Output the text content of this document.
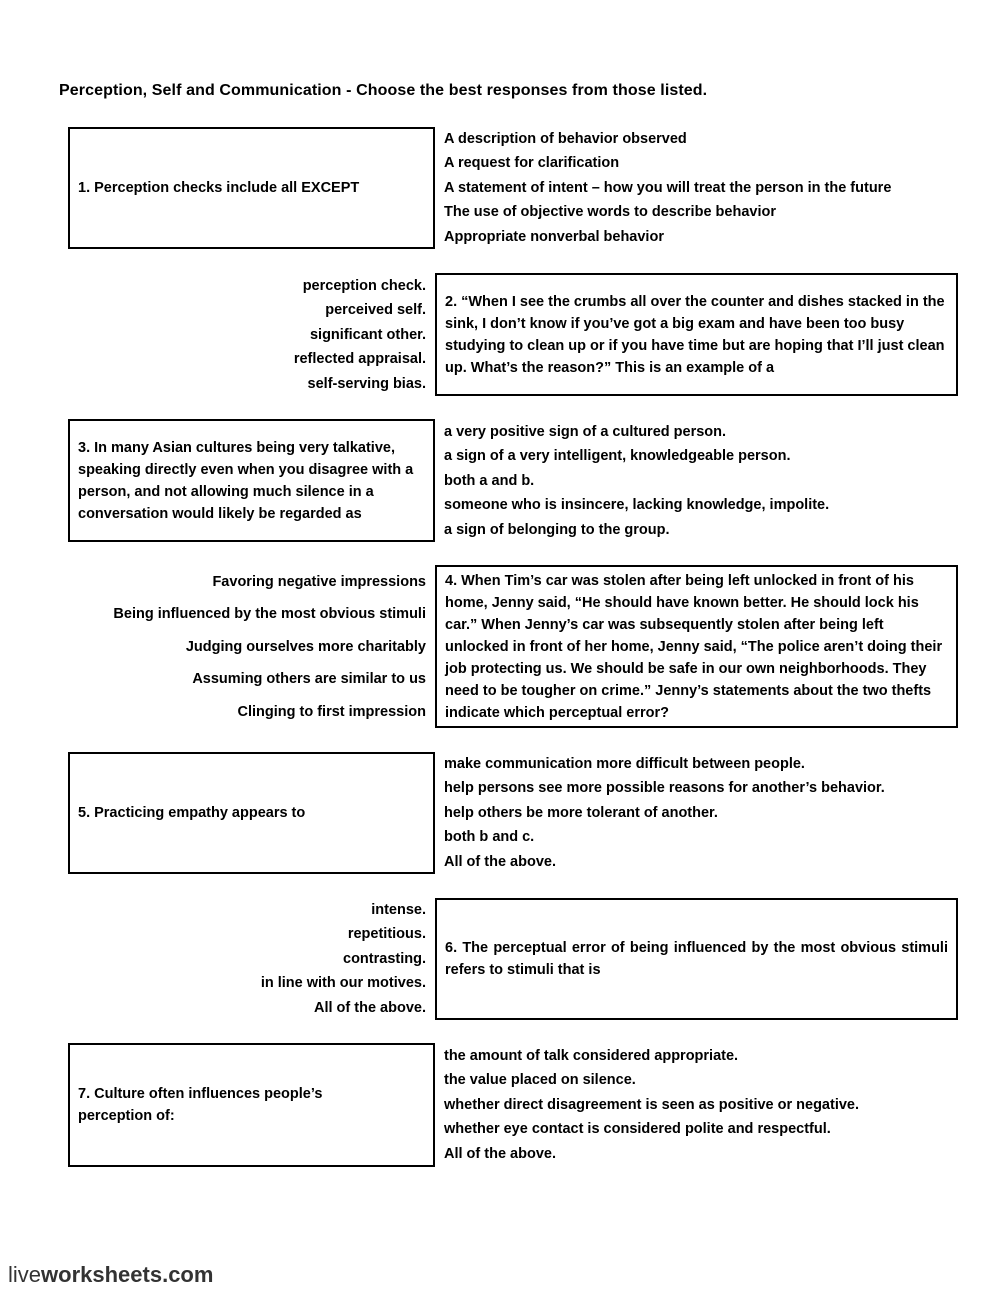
Perception, Self and Communication - Choose the best responses from those listed.
1. Perception checks include all EXCEPT
A description of behavior observed
A request for clarification
A statement of intent – how you will treat the person in the future
The use of objective words to describe behavior
Appropriate nonverbal behavior
perception check.
perceived self.
significant other.
reflected appraisal.
self-serving bias.
2. “When I see the crumbs all over the counter and dishes stacked in the sink, I don’t know if you’ve got a big exam and have been too busy studying to clean up or if you have time but are hoping that I’ll just clean up. What’s the reason?” This is an example of a
3. In many Asian cultures being very talkative, speaking directly even when you disagree with a person, and not allowing much silence in a conversation would likely be regarded as
a very positive sign of a cultured person.
a sign of a very intelligent, knowledgeable person.
both a and b.
someone who is insincere, lacking knowledge, impolite.
a sign of belonging to the group.
Favoring negative impressions
Being influenced by the most obvious stimuli
Judging ourselves more charitably
Assuming others are similar to us
Clinging to first impression
4. When Tim’s car was stolen after being left unlocked in front of his home, Jenny said, “He should have known better. He should lock his car.” When Jenny’s car was subsequently stolen after being left unlocked in front of her home, Jenny said, “The police aren’t doing their job protecting us. We should be safe in our own neighborhoods. They need to be tougher on crime.” Jenny’s statements about the two thefts indicate which perceptual error?
5. Practicing empathy appears to
make communication more difficult between people.
help persons see more possible reasons for another’s behavior.
help others be more tolerant of another.
both b and c.
All of the above.
intense.
repetitious.
contrasting.
in line with our motives.
All of the above.
6. The perceptual error of being influenced by the most obvious stimuli refers to stimuli that is
7. Culture often influences people’s perception of:
the amount of talk considered appropriate.
the value placed on silence.
whether direct disagreement is seen as positive or negative.
whether eye contact is considered polite and respectful.
All of the above.
liveworksheets.com
